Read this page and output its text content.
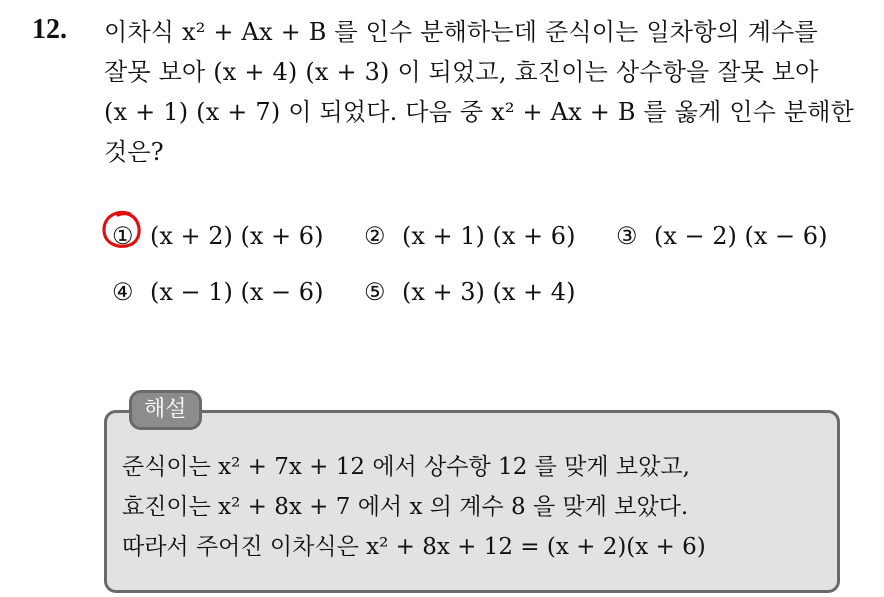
12. 이차식 x² + Ax + B 를 인수 분해하는데 준식이는 일차항의 계수를
잘못 보아 (x + 4) (x + 3) 이 되었고, 효진이는 상수항을 잘못 보아
(x + 1) (x + 7) 이 되었다. 다음 중 x² + Ax + B 를 옳게 인수 분해한
것은?
① (x + 2) (x + 6) ② (x + 1) (x + 6) ③ (x − 2) (x − 6)
④ (x − 1) (x − 6) ⑤ (x + 3) (x + 4)
해설
준식이는 x² + 7x + 12 에서 상수항 12 를 맞게 보았고,
효진이는 x² + 8x + 7 에서 x 의 계수 8 을 맞게 보았다.
따라서 주어진 이차식은 x² + 8x + 12 = (x + 2)(x + 6)
